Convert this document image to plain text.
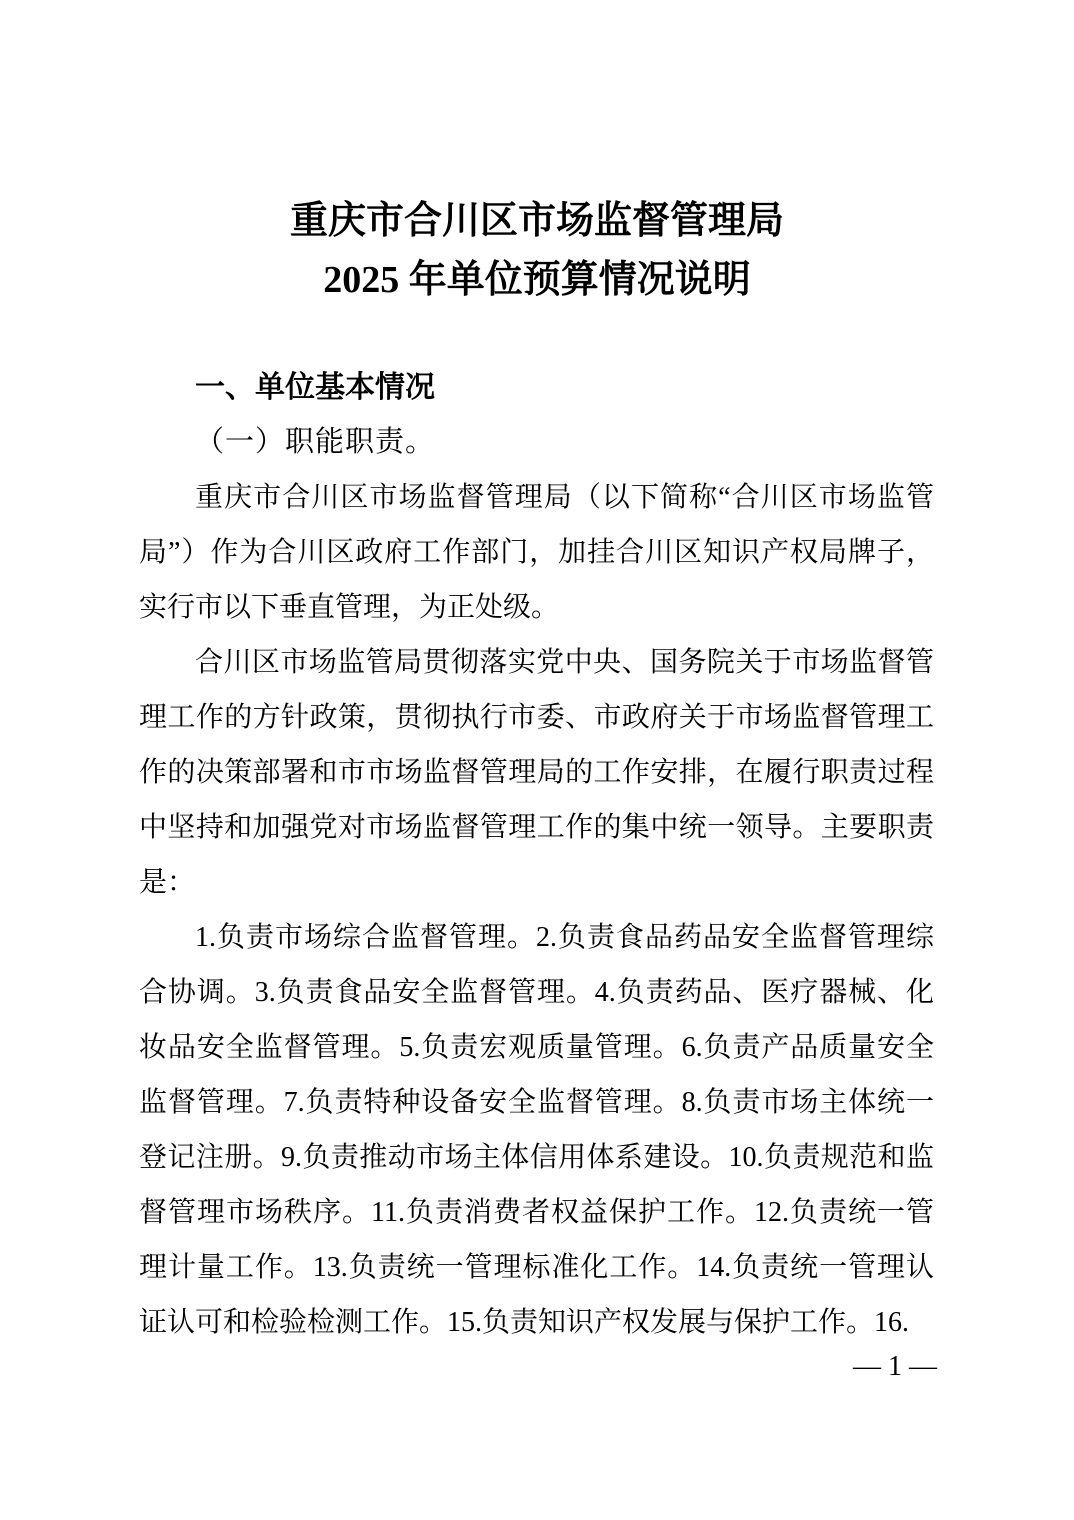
重庆市合川区市场监督管理局
2025 年单位预算情况说明
一、单位基本情况
（一）职能职责。

重庆市合川区市场监督管理局（以下简称“合川区市场监管局”）作为合川区政府工作部门，加挂合川区知识产权局牌子，实行市以下垂直管理，为正处级。

合川区市场监管局贯彻落实党中央、国务院关于市场监督管理工作的方针政策，贯彻执行市委、市政府关于市场监督管理工作的决策部署和市市场监督管理局的工作安排，在履行职责过程中坚持和加强党对市场监督管理工作的集中统一领导。主要职责是：

1.负责市场综合监督管理。2.负责食品药品安全监督管理综合协调。3.负责食品安全监督管理。4.负责药品、医疗器械、化妆品安全监督管理。5.负责宏观质量管理。6.负责产品质量安全监督管理。7.负责特种设备安全监督管理。8.负责市场主体统一登记注册。9.负责推动市场主体信用体系建设。10.负责规范和监督管理市场秩序。11.负责消费者权益保护工作。12.负责统一管理计量工作。13.负责统一管理标准化工作。14.负责统一管理认证认可和检验检测工作。15.负责知识产权发展与保护工作。16.

— 1 —
